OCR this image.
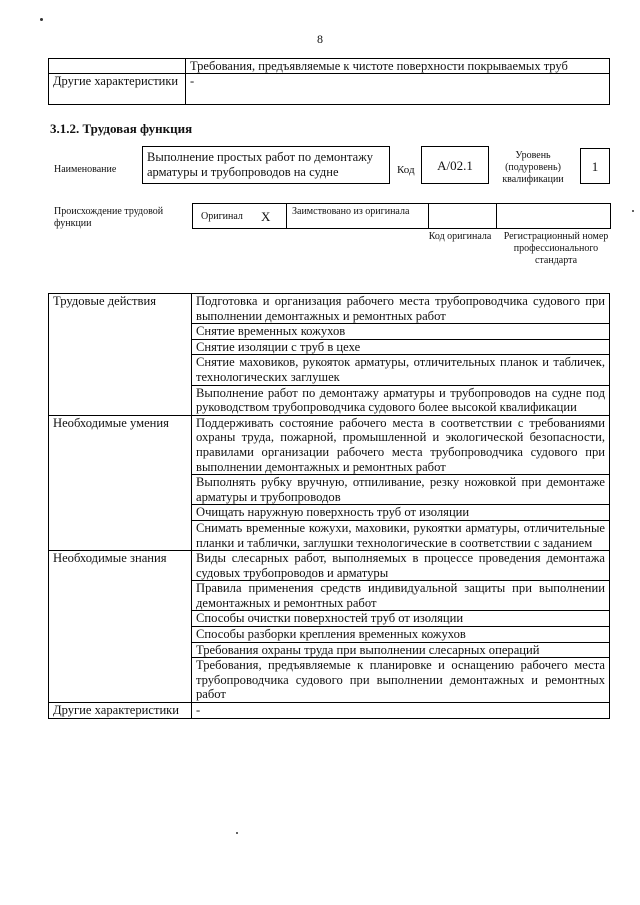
8
	Требования, предъявляемые к чистоте поверхности покрываемых труб
Другие характеристики	-
3.1.2. Трудовая функция
Наименование
Выполнение простых работ по демонтажу арматуры и трубопроводов на судне	Код	А/02.1
Уровень (подуровень) квалификации
1
Происхождение трудовой функции
Оригинал X Заимствовано из оригинала
Код оригинала	Регистрационный номер профессионального стандарта
Трудовые действия	Подготовка и организация рабочего места трубопроводчика судового при выполнении демонтажных и ремонтных работ
	Снятие временных кожухов
	Снятие изоляции с труб в цехе
	Снятие маховиков, рукояток арматуры, отличительных планок и табличек, технологических заглушек
	Выполнение работ по демонтажу арматуры и трубопроводов на судне под руководством трубопроводчика судового более высокой квалификации
Необходимые умения	Поддерживать состояние рабочего места в соответствии с требованиями охраны труда, пожарной, промышленной и экологической безопасности, правилами организации рабочего места трубопроводчика судового при выполнении демонтажных и ремонтных работ
	Выполнять рубку вручную, отпиливание, резку ножовкой при демонтаже арматуры и трубопроводов
	Очищать наружную поверхность труб от изоляции
	Снимать временные кожухи, маховики, рукоятки арматуры, отличительные планки и таблички, заглушки технологические в соответствии с заданием
Необходимые знания	Виды слесарных работ, выполняемых в процессе проведения демонтажа судовых трубопроводов и арматуры
	Правила применения средств индивидуальной защиты при выполнении демонтажных и ремонтных работ
	Способы очистки поверхностей труб от изоляции
	Способы разборки крепления временных кожухов
	Требования охраны труда при выполнении слесарных операций
	Требования, предъявляемые к планировке и оснащению рабочего места трубопроводчика судового при выполнении демонтажных и ремонтных работ
Другие характеристики	-
